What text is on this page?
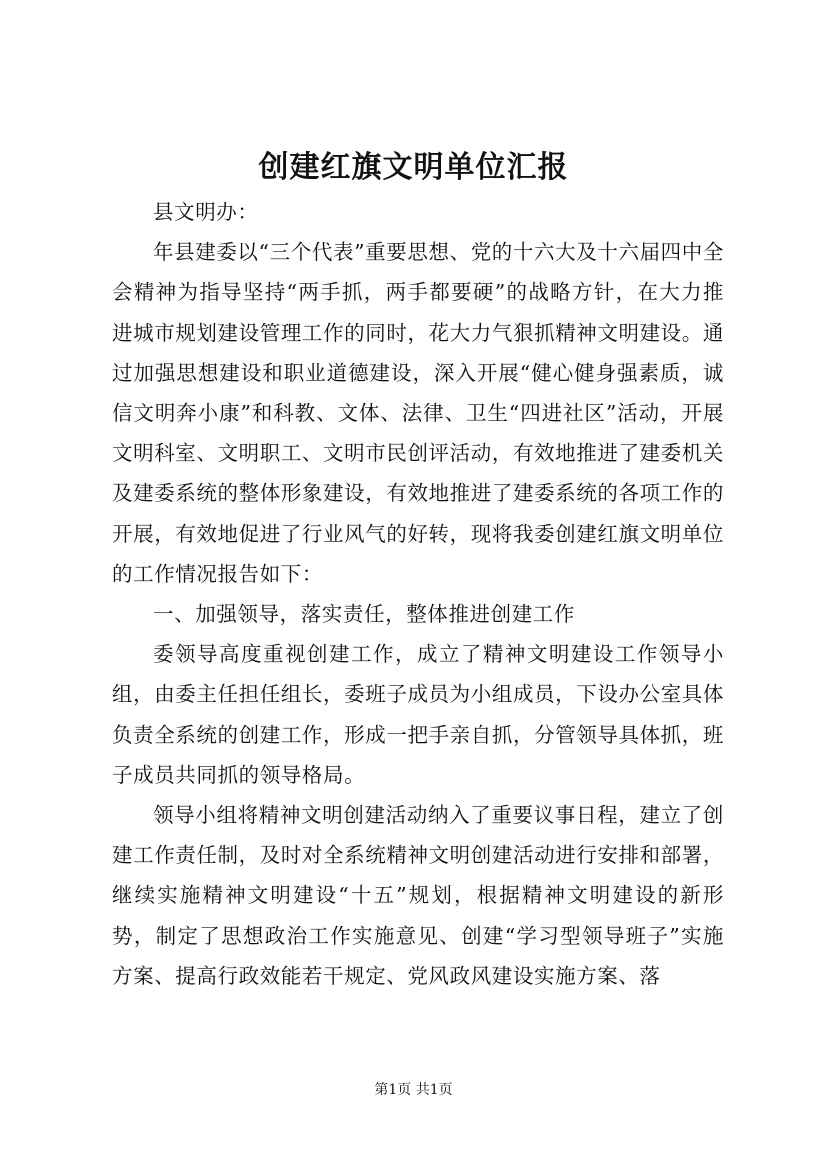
创建红旗文明单位汇报

县文明办：

年县建委以“三个代表”重要思想、党的十六大及十六届四中全会精神为指导坚持“两手抓，两手都要硬”的战略方针，在大力推进城市规划建设管理工作的同时，花大力气狠抓精神文明建设。通过加强思想建设和职业道德建设，深入开展“健心健身强素质，诚信文明奔小康”和科教、文体、法律、卫生“四进社区”活动，开展文明科室、文明职工、文明市民创评活动，有效地推进了建委机关及建委系统的整体形象建设，有效地推进了建委系统的各项工作的开展，有效地促进了行业风气的好转，现将我委创建红旗文明单位的工作情况报告如下：

一、加强领导，落实责任，整体推进创建工作

委领导高度重视创建工作，成立了精神文明建设工作领导小组，由委主任担任组长，委班子成员为小组成员，下设办公室具体负责全系统的创建工作，形成一把手亲自抓，分管领导具体抓，班子成员共同抓的领导格局。

领导小组将精神文明创建活动纳入了重要议事日程，建立了创建工作责任制，及时对全系统精神文明创建活动进行安排和部署，继续实施精神文明建设“十五”规划，根据精神文明建设的新形势，制定了思想政治工作实施意见、创建“学习型领导班子”实施方案、提高行政效能若干规定、党风政风建设实施方案、落

第1页 共1页
